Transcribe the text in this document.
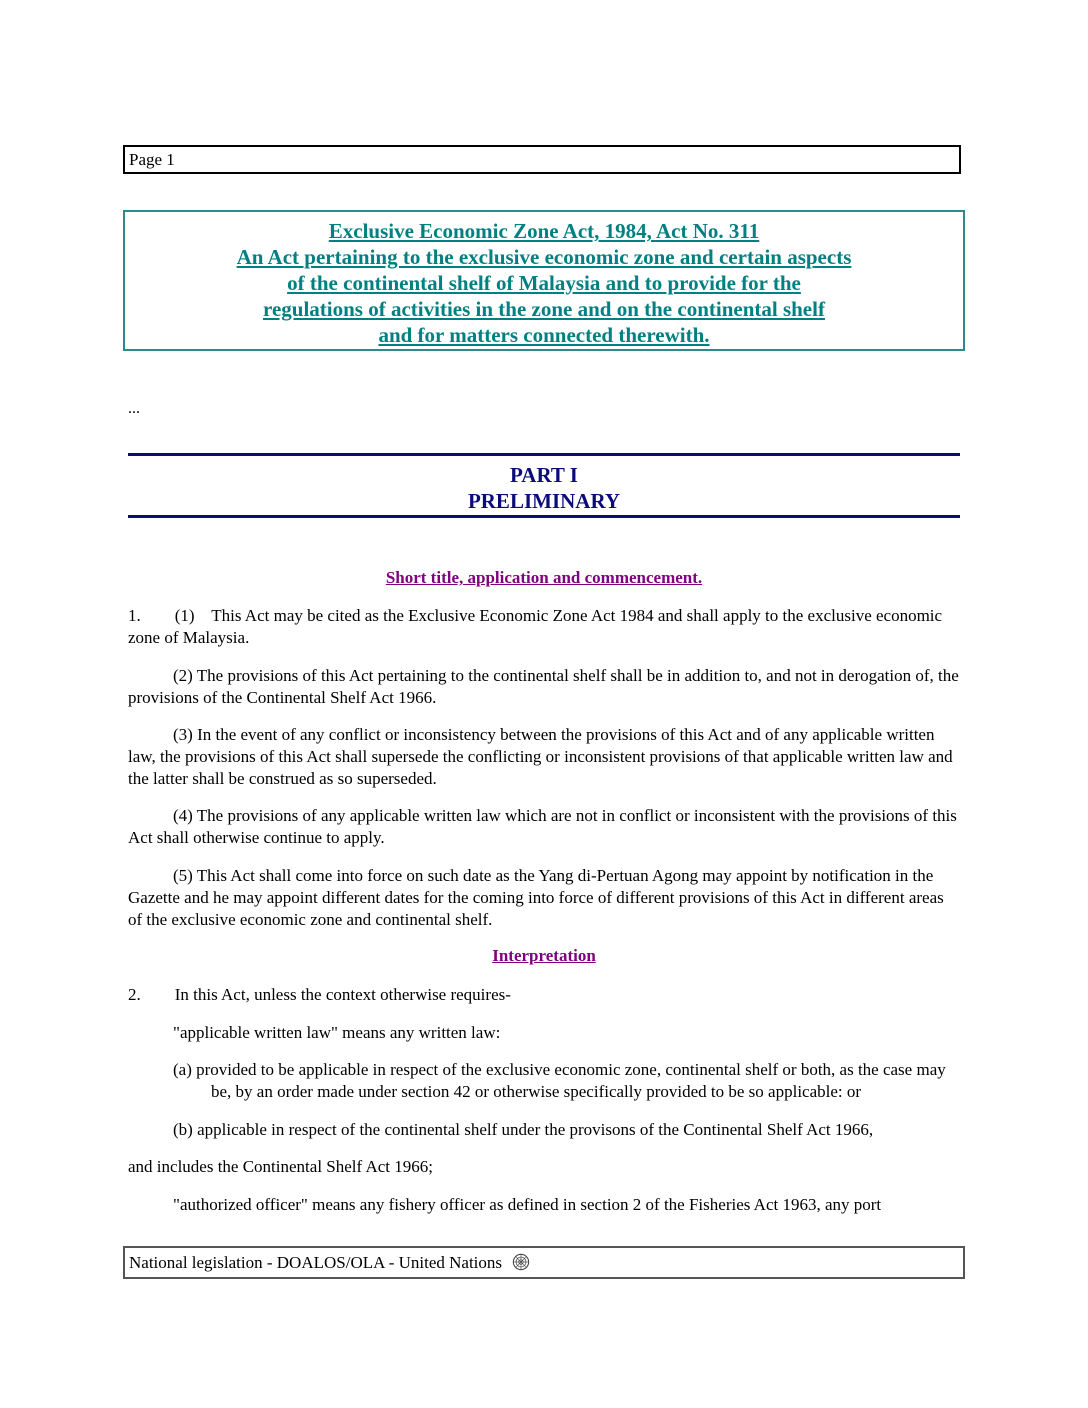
Page 1
Exclusive Economic Zone Act, 1984, Act No. 311
An Act pertaining to the exclusive economic zone and certain aspects
of the continental shelf of Malaysia and to provide for the
regulations of activities in the zone and on the continental shelf
and for matters connected therewith.
...
PART I
PRELIMINARY
Short title, application and commencement.

1.        (1)    This Act may be cited as the Exclusive Economic Zone Act 1984 and shall apply to the exclusive economic zone of Malaysia.

(2) The provisions of this Act pertaining to the continental shelf shall be in addition to, and not in derogation of, the provisions of the Continental Shelf Act 1966.

(3) In the event of any conflict or inconsistency between the provisions of this Act and of any applicable written law, the provisions of this Act shall supersede the conflicting or inconsistent provisions of that applicable written law and the latter shall be construed as so superseded.

(4) The provisions of any applicable written law which are not in conflict or inconsistent with the provisions of this Act shall otherwise continue to apply.

(5) This Act shall come into force on such date as the Yang di-Pertuan Agong may appoint by notification in the Gazette and he may appoint different dates for the coming into force of different provisions of this Act in different areas of the exclusive economic zone and continental shelf.

Interpretation

2.        In this Act, unless the context otherwise requires-

"applicable written law" means any written law:

(a) provided to be applicable in respect of the exclusive economic zone, continental shelf or both, as the case may be, by an order made under section 42 or otherwise specifically provided to be so applicable: or

(b) applicable in respect of the continental shelf under the provisons of the Continental Shelf Act 1966,

and includes the Continental Shelf Act 1966;

"authorized officer" means any fishery officer as defined in section 2 of the Fisheries Act 1963, any port

National legislation - DOALOS/OLA - United Nations
